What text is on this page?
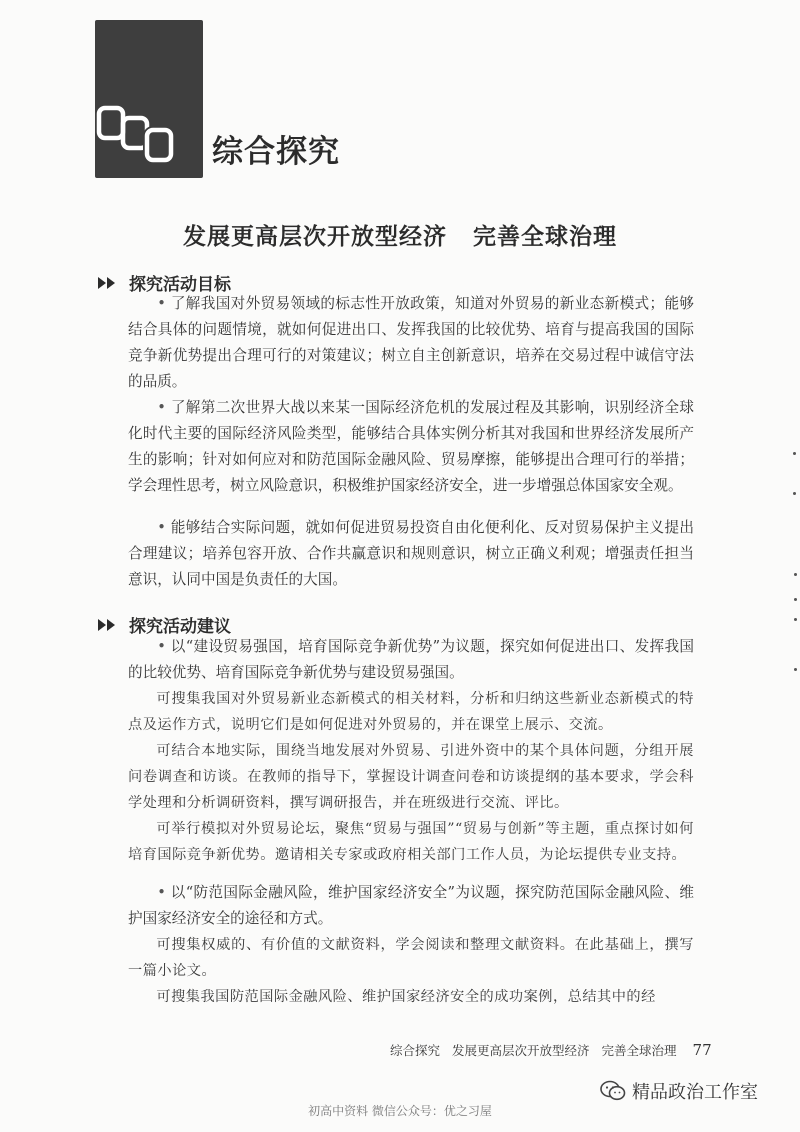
综合探究
发展更高层次开放型经济 完善全球治理
探究活动目标
• 了解我国对外贸易领域的标志性开放政策，知道对外贸易的新业态新模式；能够结合具体的问题情境，就如何促进出口、发挥我国的比较优势、培育与提高我国的国际竞争新优势提出合理可行的对策建议；树立自主创新意识，培养在交易过程中诚信守法的品质。
• 了解第二次世界大战以来某一国际经济危机的发展过程及其影响，识别经济全球化时代主要的国际经济风险类型，能够结合具体实例分析其对我国和世界经济发展所产生的影响；针对如何应对和防范国际金融风险、贸易摩擦，能够提出合理可行的举措；学会理性思考，树立风险意识，积极维护国家经济安全，进一步增强总体国家安全观。
• 能够结合实际问题，就如何促进贸易投资自由化便利化、反对贸易保护主义提出合理建议；培养包容开放、合作共赢意识和规则意识，树立正确义利观；增强责任担当意识，认同中国是负责任的大国。
探究活动建议
• 以“建设贸易强国，培育国际竞争新优势”为议题，探究如何促进出口、发挥我国的比较优势、培育国际竞争新优势与建设贸易强国。
可搜集我国对外贸易新业态新模式的相关材料，分析和归纳这些新业态新模式的特点及运作方式，说明它们是如何促进对外贸易的，并在课堂上展示、交流。
可结合本地实际，围绕当地发展对外贸易、引进外资中的某个具体问题，分组开展问卷调查和访谈。在教师的指导下，掌握设计调查问卷和访谈提纲的基本要求，学会科学处理和分析调研资料，撰写调研报告，并在班级进行交流、评比。
可举行模拟对外贸易论坛，聚焦“贸易与强国”“贸易与创新”等主题，重点探讨如何培育国际竞争新优势。邀请相关专家或政府相关部门工作人员，为论坛提供专业支持。
• 以“防范国际金融风险，维护国家经济安全”为议题，探究防范国际金融风险、维护国家经济安全的途径和方式。
可搜集权威的、有价值的文献资料，学会阅读和整理文献资料。在此基础上，撰写一篇小论文。
可搜集我国防范国际金融风险、维护国家经济安全的成功案例，总结其中的经
综合探究 发展更高层次开放型经济 完善全球治理 77
精品政治工作室
初高中资料 微信公众号：优之习屋
